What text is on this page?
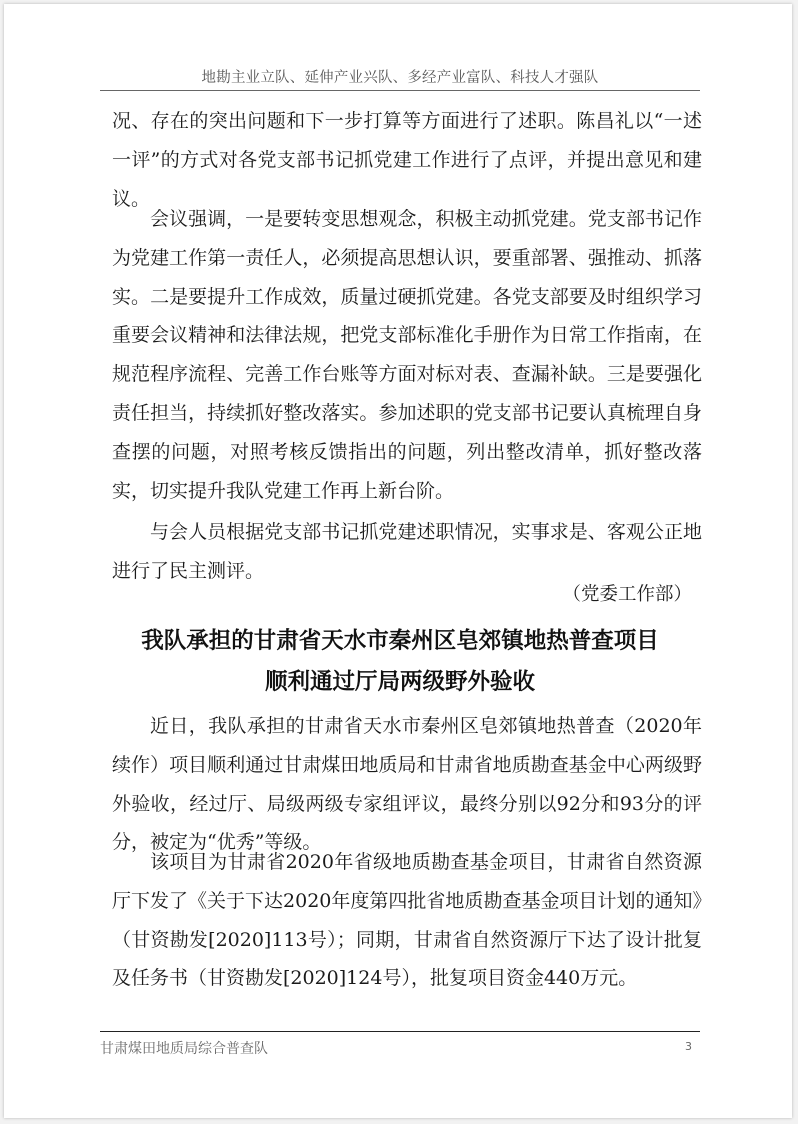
地勘主业立队、延伸产业兴队、多经产业富队、科技人才强队

况、存在的突出问题和下一步打算等方面进行了述职。陈昌礼以“一述一评”的方式对各党支部书记抓党建工作进行了点评，并提出意见和建议。

会议强调，一是要转变思想观念，积极主动抓党建。党支部书记作为党建工作第一责任人，必须提高思想认识，要重部署、强推动、抓落实。二是要提升工作成效，质量过硬抓党建。各党支部要及时组织学习重要会议精神和法律法规，把党支部标准化手册作为日常工作指南，在规范程序流程、完善工作台账等方面对标对表、查漏补缺。三是要强化责任担当，持续抓好整改落实。参加述职的党支部书记要认真梳理自身查摆的问题，对照考核反馈指出的问题，列出整改清单，抓好整改落实，切实提升我队党建工作再上新台阶。

与会人员根据党支部书记抓党建述职情况，实事求是、客观公正地进行了民主测评。

（党委工作部）
我队承担的甘肃省天水市秦州区皂郊镇地热普查项目
顺利通过厅局两级野外验收

近日，我队承担的甘肃省天水市秦州区皂郊镇地热普查（2020年续作）项目顺利通过甘肃煤田地质局和甘肃省地质勘查基金中心两级野外验收，经过厅、局级两级专家组评议，最终分别以92分和93分的评分，被定为“优秀”等级。

该项目为甘肃省2020年省级地质勘查基金项目，甘肃省自然资源厅下发了《关于下达2020年度第四批省地质勘查基金项目计划的通知》（甘资勘发[2020]113号）；同期，甘肃省自然资源厅下达了设计批复及任务书（甘资勘发[2020]124号），批复项目资金440万元。

甘肃煤田地质局综合普查队	3
